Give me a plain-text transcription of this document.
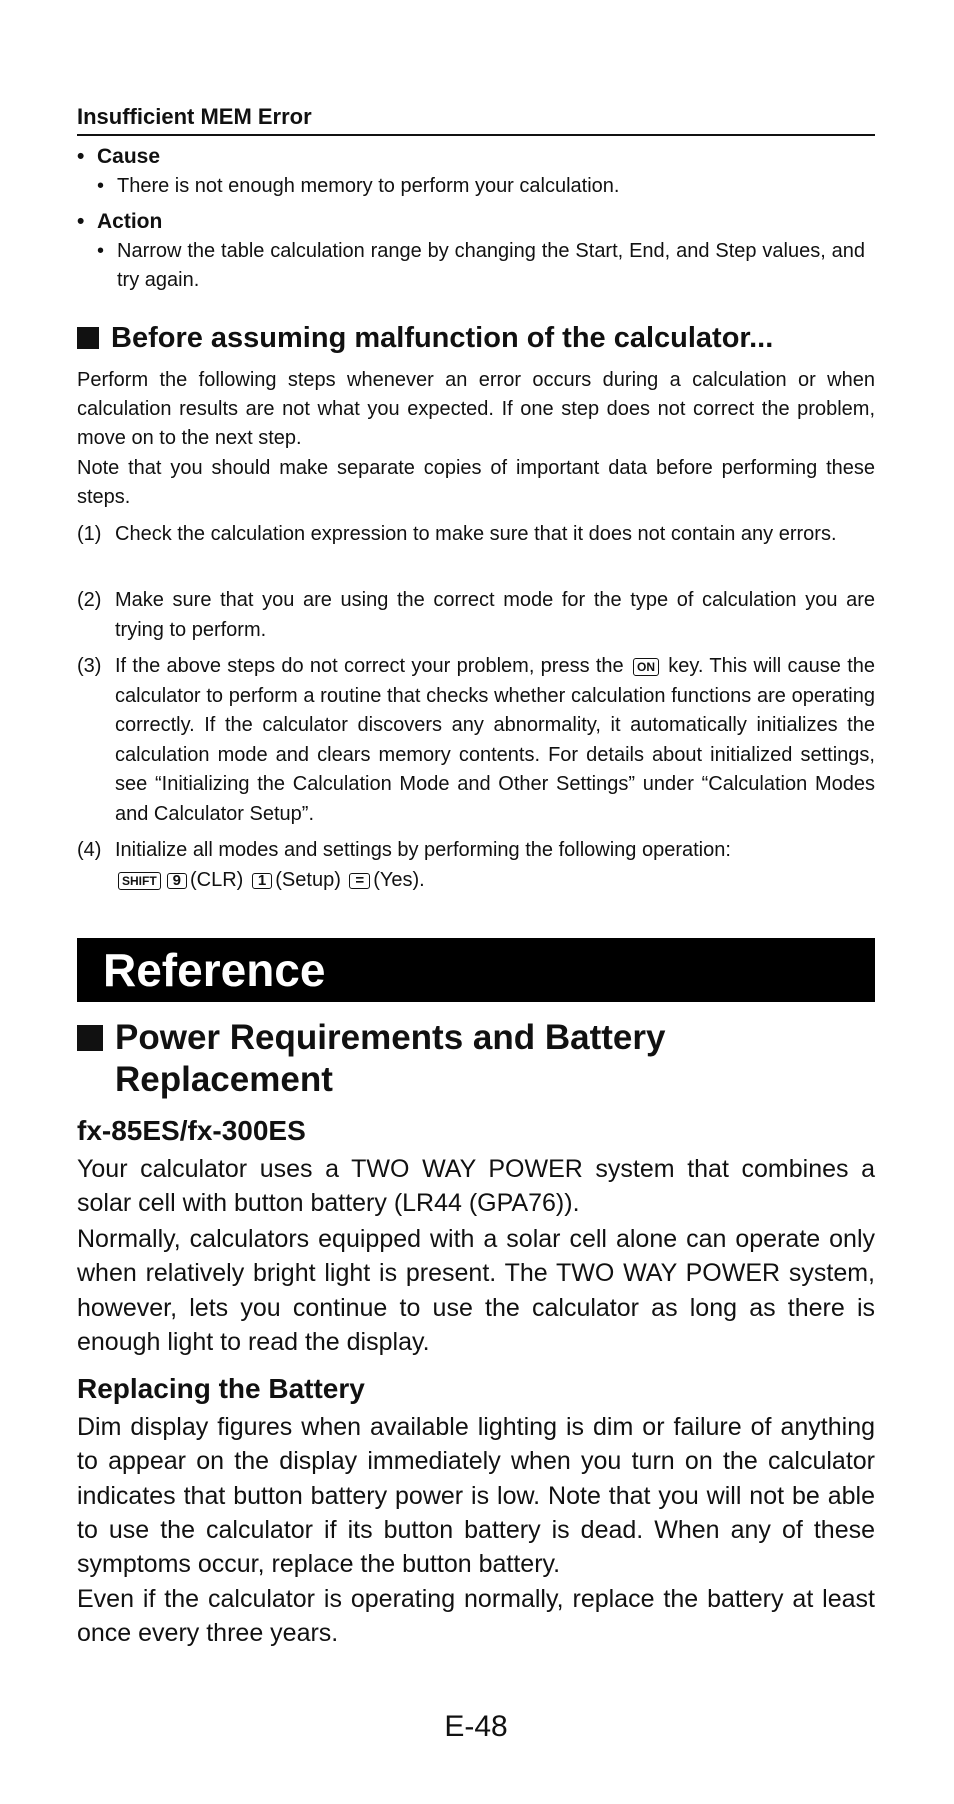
Insufficient MEM Error
• Cause
• There is not enough memory to perform your calculation.
• Action
• Narrow the table calculation range by changing the Start, End, and Step values, and try again.
Before assuming malfunction of the calculator...
Perform the following steps whenever an error occurs during a calculation or when calculation results are not what you expected. If one step does not correct the problem, move on to the next step.
Note that you should make separate copies of important data before performing these steps.
(1) Check the calculation expression to make sure that it does not contain any errors.
(2) Make sure that you are using the correct mode for the type of calculation you are trying to perform.
(3) If the above steps do not correct your problem, press the ON key. This will cause the calculator to perform a routine that checks whether calculation functions are operating correctly. If the calculator discovers any abnormality, it automatically initializes the calculation mode and clears memory contents. For details about initialized settings, see “Initializing the Calculation Mode and Other Settings” under “Calculation Modes and Calculator Setup”.
(4) Initialize all modes and settings by performing the following operation:
SHIFT 9 (CLR) 1 (Setup) = (Yes).
Reference
Power Requirements and Battery
Replacement
fx-85ES/fx-300ES
Your calculator uses a TWO WAY POWER system that combines a solar cell with button battery (LR44 (GPA76)).
Normally, calculators equipped with a solar cell alone can operate only when relatively bright light is present. The TWO WAY POWER system, however, lets you continue to use the calculator as long as there is enough light to read the display.
Replacing the Battery
Dim display figures when available lighting is dim or failure of anything to appear on the display immediately when you turn on the calculator indicates that button battery power is low. Note that you will not be able to use the calculator if its button battery is dead. When any of these symptoms occur, replace the button battery.
Even if the calculator is operating normally, replace the battery at least once every three years.
E-48
